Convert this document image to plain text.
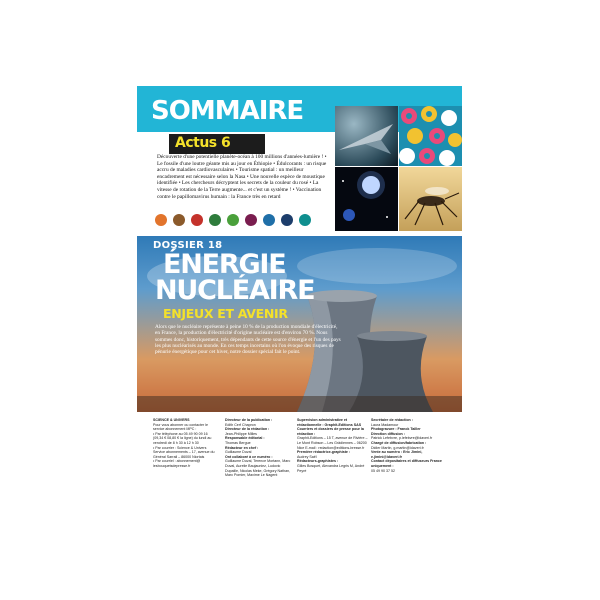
SOMMAIRE
Actus 6
Découverte d'une potentielle planète-océan à 100 millions d'années-lumière ! • Le fossile d'une loutre géante mis au jour en Éthiopie • Édulcorants : un risque accru de maladies cardiovasculaires • Tourisme spatial : un meilleur encadrement est nécessaire selon la Nasa • Une nouvelle espèce de moustique identifiée • Les chercheurs décryptent les secrets de la couleur du rosé • La vitesse de rotation de la Terre augmente... et c'est un système ! • Vaccination contre le papillomavirus humain : la France très en retard
DOSSIER 18
ÉNERGIE
NUCLÉAIRE
ENJEUX ET AVENIR
Alors que le nucléaire représente à peine 10 % de la production mondiale d'électricité, en France, la production d'électricité d'origine nucléaire est d'environ 70 %. Nous sommes donc, historiquement, très dépendants de cette source d'énergie et l'un des pays les plus nucléarisés au monde. En ces temps incertains où l'on évoque des risques de pénurie énergétique pour cet hiver, notre dossier spécial fait le point.
SCIENCE & UNIVERS
Pour vous abonner ou contacter le service abonnement MPC :
• Par téléphone au 05 49 90 09 16 (09,34 € 08,80 € la ligne) du lundi au vendredi de 8 h 30 à 12 h 30
• Par courrier : Science & Univers Service abonnements – 17, avenue du Général Sarrail – 86000 Niortais
• Par courriel : abonnement@ lesbouquetsdepresse.fr
Directeur de la publication :
Edith Cerf Chapron
Directeur de la rédaction :
Jean-Philippe Milles
Responsable éditorial :
Thomas Bergue
Rédacteur en chef :
Guillaume Duval
Ont collaboré à ce numéro :
Guillaume Duval, Terence Mortann, Marc Duval, Aurelie Baujauniez, Ludovic Dupaille, Nicolas Meke, Grégory Nathan, Marc Pomier, Maxime Le Nagent
Supervision administrative et rédactionnelle : Graphit-Editions SAS
Courriers et dossiers de presse pour la rédaction :
Graphit-Editions – 15 T, avenue de Rivière – Le Mont Robson – Les Grâdiennes – 06200 Nice E-mail : redaction@editions-bresse.fr
Première rédactrice-graphiste :
Audrey Saël
Rédacteurs-graphistes :
Gilles Bosquet, Alexandra Legris M, André Peyré
Secrétaire de rédaction :
Laura Madamour
Photogravure : Franck Tailler
Direction diffusion :
Patrick Lefebvre, p.lefebvre@idaveri.fr
Chargé de diffusion/fabrication :
Didier Martin, g.martin@idaveri.fr
Vente au numéro : Eric Jimini, e.jimini@idaveri.fr
Contact dépositaires et diffuseurs France uniquement :
05 49 90 37 52
